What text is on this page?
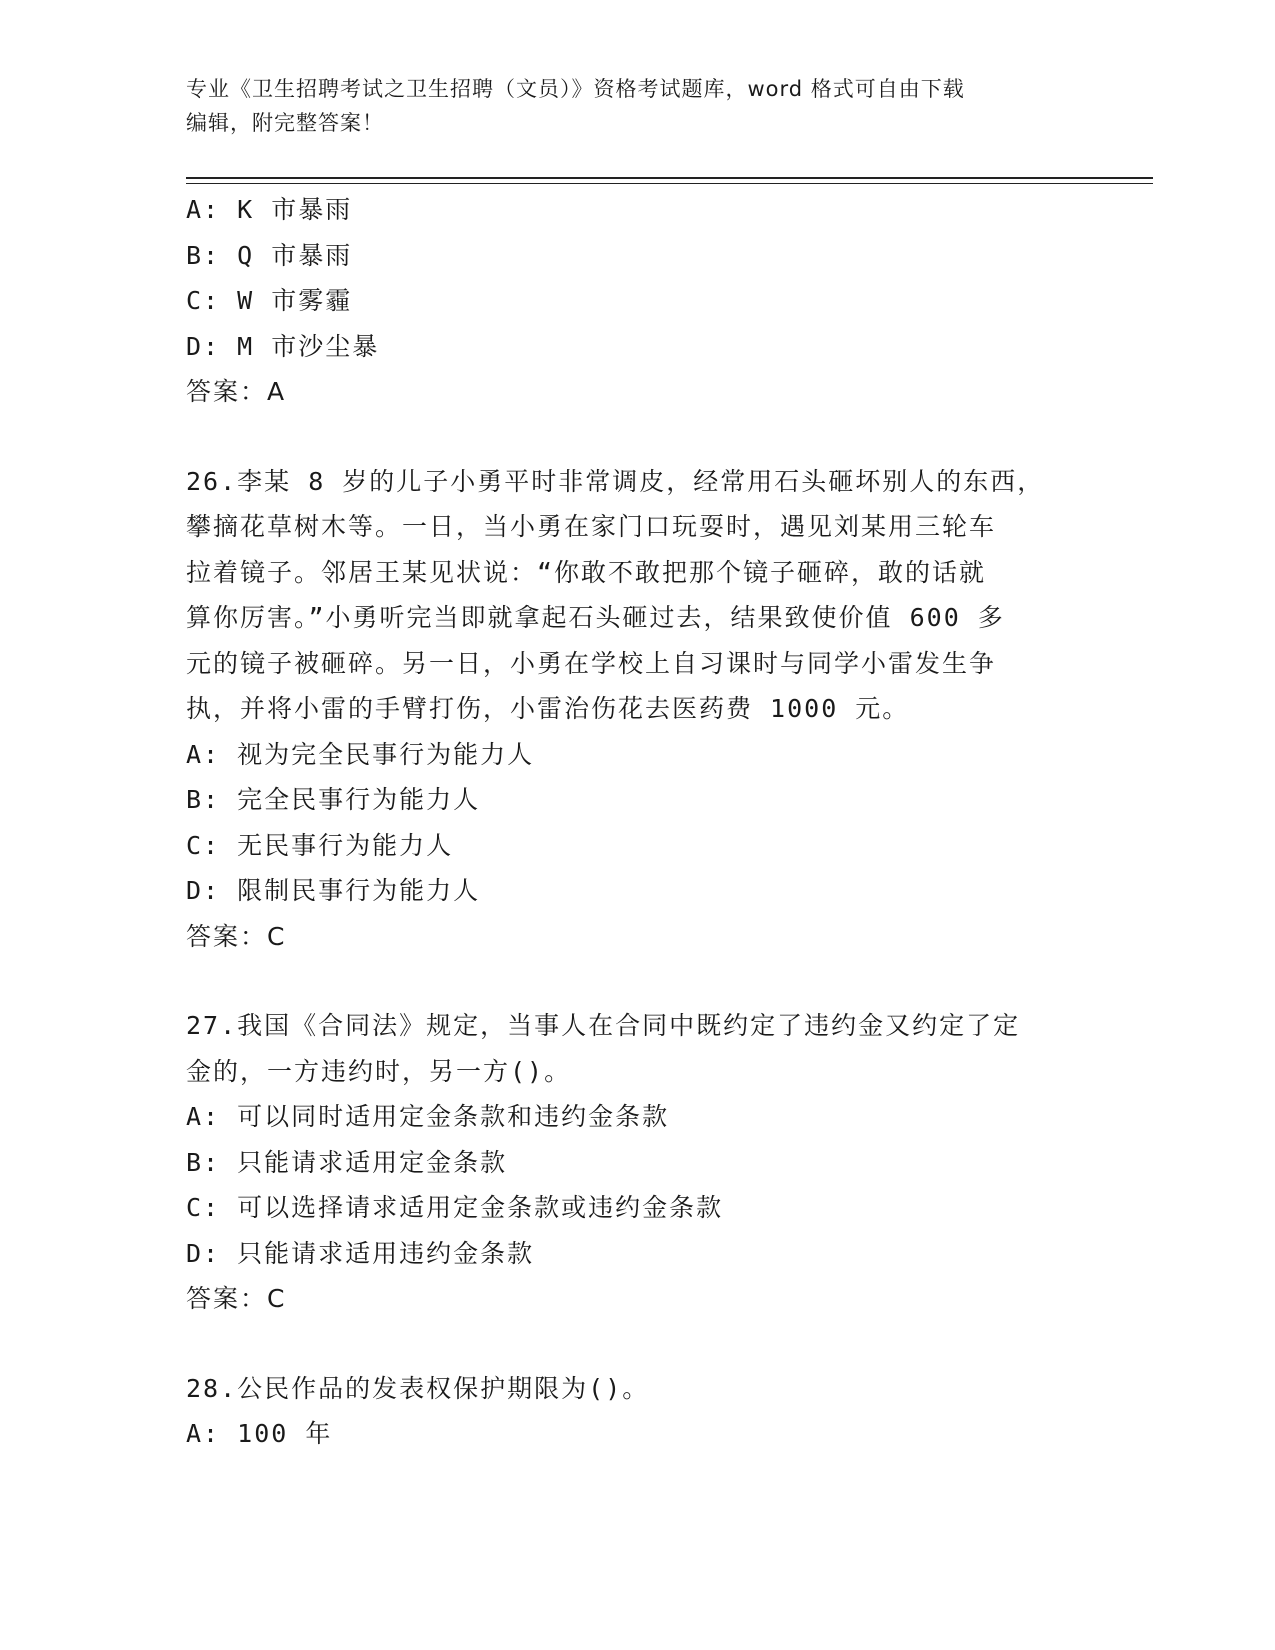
专业《卫生招聘考试之卫生招聘（文员）》资格考试题库，word 格式可自由下载
编辑，附完整答案！
A: K 市暴雨
B: Q 市暴雨
C: W 市雾霾
D: M 市沙尘暴
答案：A
26.李某 8 岁的儿子小勇平时非常调皮，经常用石头砸坏别人的东西，
攀摘花草树木等。一日，当小勇在家门口玩耍时，遇见刘某用三轮车
拉着镜子。邻居王某见状说：“你敢不敢把那个镜子砸碎，敢的话就
算你厉害。”小勇听完当即就拿起石头砸过去，结果致使价值 600 多
元的镜子被砸碎。另一日，小勇在学校上自习课时与同学小雷发生争
执，并将小雷的手臂打伤，小雷治伤花去医药费 1000 元。
A: 视为完全民事行为能力人
B: 完全民事行为能力人
C: 无民事行为能力人
D: 限制民事行为能力人
答案：C
27.我国《合同法》规定，当事人在合同中既约定了违约金又约定了定
金的，一方违约时，另一方()。
A: 可以同时适用定金条款和违约金条款
B: 只能请求适用定金条款
C: 可以选择请求适用定金条款或违约金条款
D: 只能请求适用违约金条款
答案：C
28.公民作品的发表权保护期限为()。
A: 100 年
